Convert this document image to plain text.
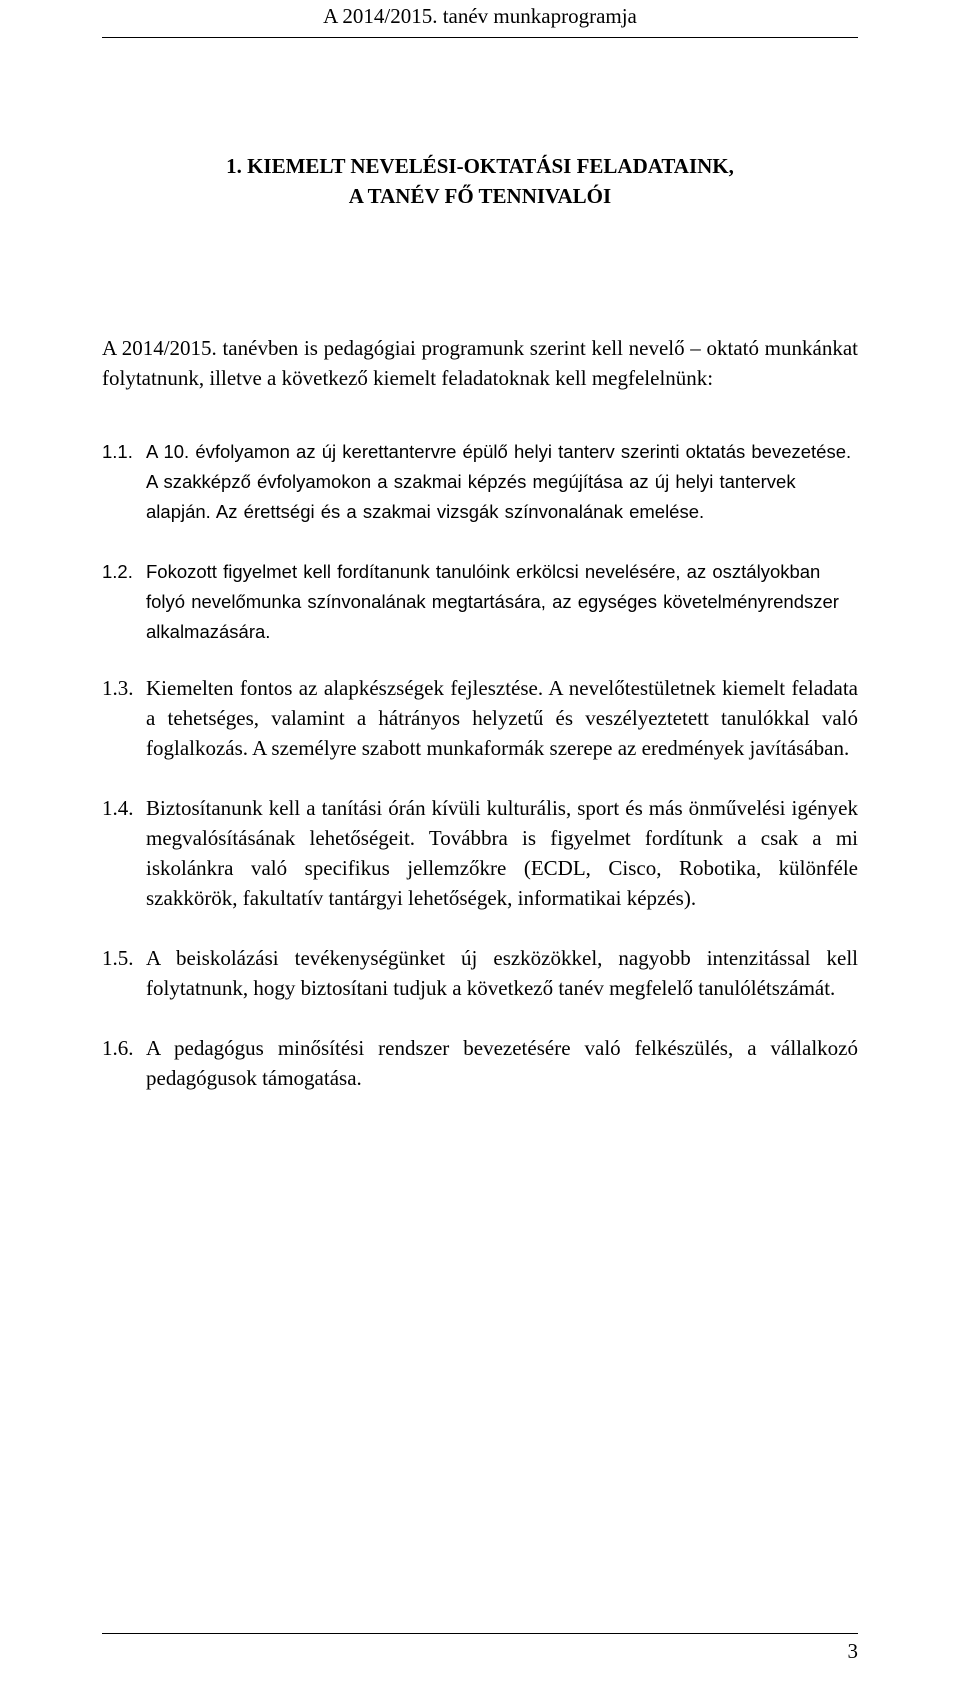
A 2014/2015. tanév munkaprogramja
1. KIEMELT NEVELÉSI-OKTATÁSI FELADATAINK,
A TANÉV FŐ TENNIVALÓI
A 2014/2015. tanévben is pedagógiai programunk szerint kell nevelő – oktató munkánkat folytatnunk, illetve a következő kiemelt feladatoknak kell megfelelnünk:
1.1. A 10. évfolyamon az új kerettantervre épülő helyi tanterv szerinti oktatás bevezetése. A szakképző évfolyamokon a szakmai képzés megújítása az új helyi tantervek alapján. Az érettségi és a szakmai vizsgák színvonalának emelése.
1.2. Fokozott figyelmet kell fordítanunk tanulóink erkölcsi nevelésére, az osztályokban folyó nevelőmunka színvonalának megtartására, az egységes követelményrendszer alkalmazására.
1.3. Kiemelten fontos az alapkészségek fejlesztése. A nevelőtestületnek kiemelt feladata a tehetséges, valamint a hátrányos helyzetű és veszélyeztetett tanulókkal való foglalkozás. A személyre szabott munkaformák szerepe az eredmények javításában.
1.4. Biztosítanunk kell a tanítási órán kívüli kulturális, sport és más önművelési igények megvalósításának lehetőségeit. Továbbra is figyelmet fordítunk a csak a mi iskolánkra való specifikus jellemzőkre (ECDL, Cisco, Robotika, különféle szakkörök, fakultatív tantárgyi lehetőségek, informatikai képzés).
1.5. A beiskolázási tevékenységünket új eszközökkel, nagyobb intenzitással kell folytatnunk, hogy biztosítani tudjuk a következő tanév megfelelő tanulólétszámát.
1.6. A pedagógus minősítési rendszer bevezetésére való felkészülés, a vállalkozó pedagógusok támogatása.
3
